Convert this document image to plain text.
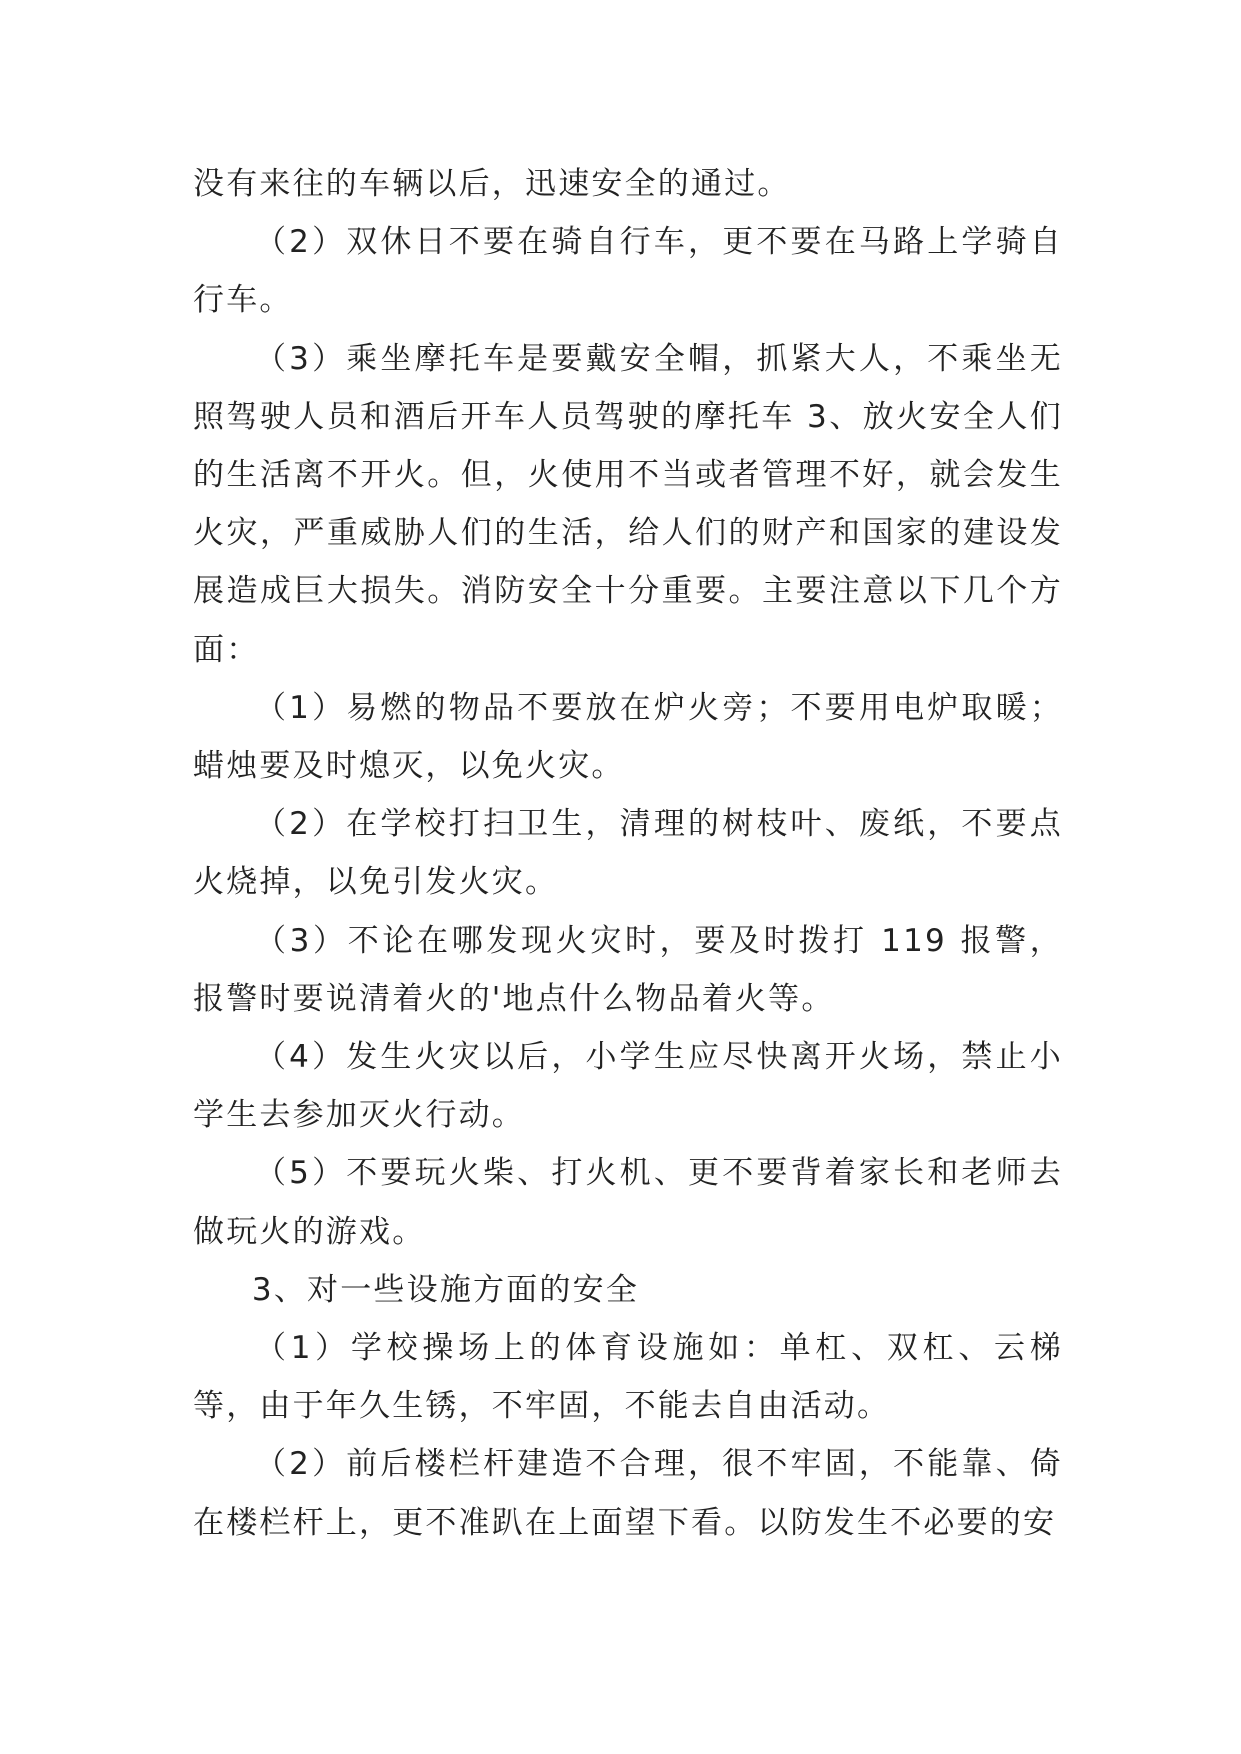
没有来往的车辆以后，迅速安全的通过。

（2）双休日不要在骑自行车，更不要在马路上学骑自行车。

（3）乘坐摩托车是要戴安全帽，抓紧大人，不乘坐无照驾驶人员和酒后开车人员驾驶的摩托车 3、放火安全人们的生活离不开火。但，火使用不当或者管理不好，就会发生火灾，严重威胁人们的生活，给人们的财产和国家的建设发展造成巨大损失。消防安全十分重要。主要注意以下几个方面：

（1）易燃的物品不要放在炉火旁；不要用电炉取暖；蜡烛要及时熄灭，以免火灾。

（2）在学校打扫卫生，清理的树枝叶、废纸，不要点火烧掉，以免引发火灾。

（3）不论在哪发现火灾时，要及时拨打 119 报警，报警时要说清着火的'地点什么物品着火等。

（4）发生火灾以后，小学生应尽快离开火场，禁止小学生去参加灭火行动。

（5）不要玩火柴、打火机、更不要背着家长和老师去做玩火的游戏。

3、对一些设施方面的安全

（1）学校操场上的体育设施如：单杠、双杠、云梯等，由于年久生锈，不牢固，不能去自由活动。

（2）前后楼栏杆建造不合理，很不牢固，不能靠、倚在楼栏杆上，更不准趴在上面望下看。以防发生不必要的安
